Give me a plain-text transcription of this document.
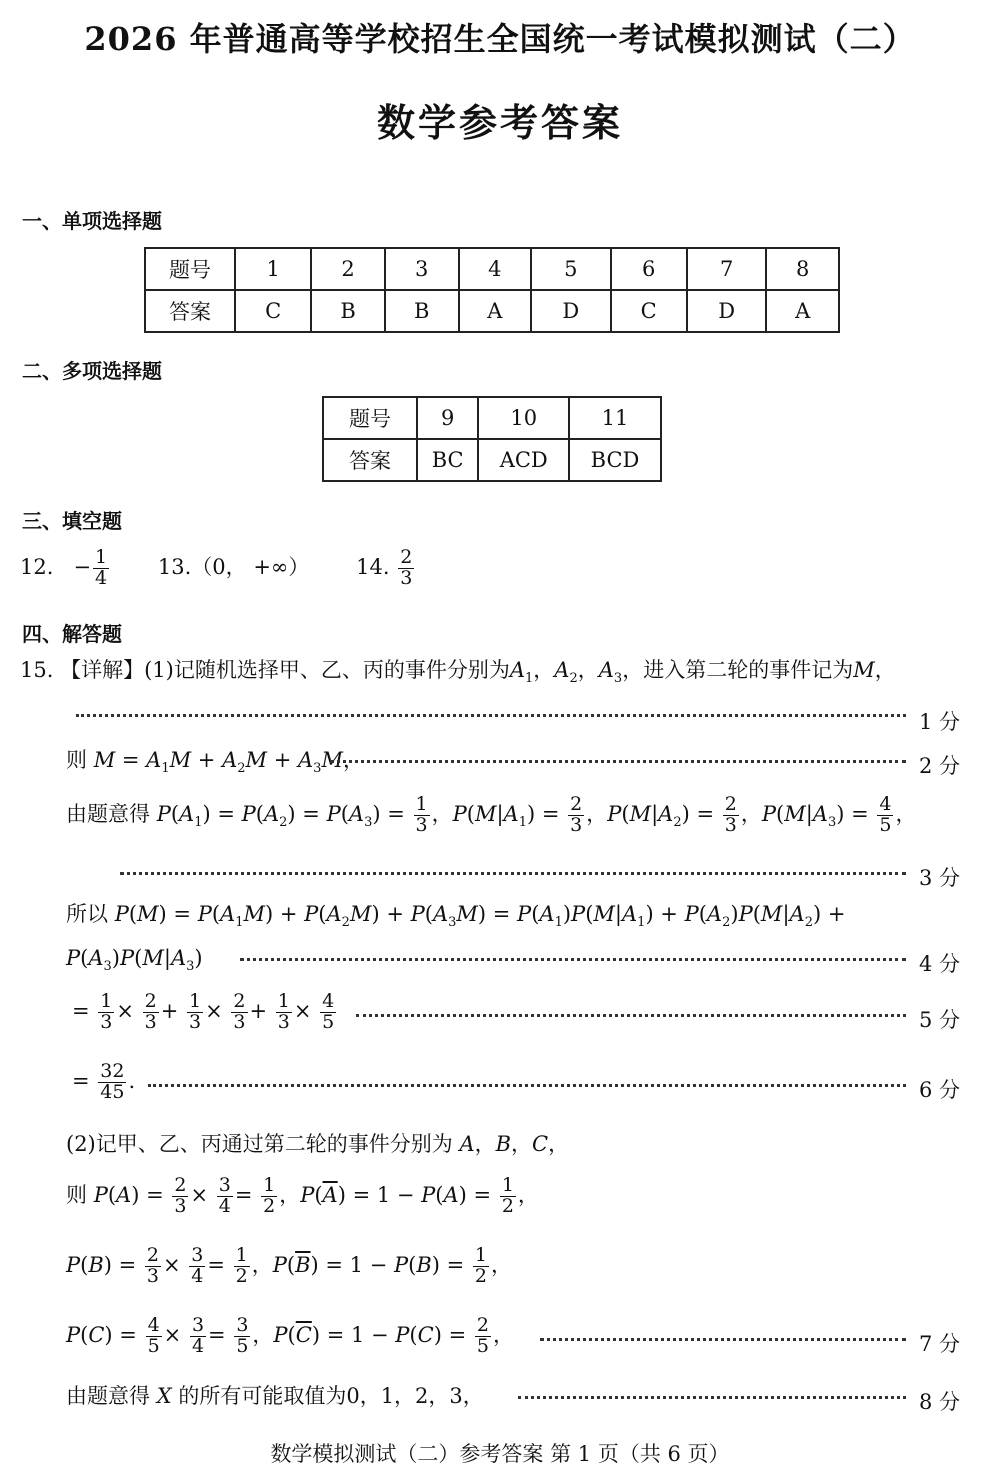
2026 年普通高等学校招生全国统一考试模拟测试（二）
数学参考答案
一、单项选择题
题号	1	2	3	4	5	6	7	8
答案	C	B	B	A	D	C	D	A
二、多项选择题
题号	9	10	11
答案	BC	ACD	BCD
三、填空题
12. − $\frac{1}{4} 13.(0$， +∞） 14. $\frac{2}{3}$
四、解答题
15. 【详解】(1)记随机选择甲、乙、丙的事件分别为$A_1$，$A_2$，$A_3$，进入第二轮的事件记为M，
1 分
则 $M = A_1M + A_2M + A_3M$，	2 分
由题意得 $P(A_1) = P(A_2) = P(A_3) = \frac{1}{3}$ ，$P(M|A_1) = \frac{2}{3}$ ，$P(M|A_2) = \frac{2}{3}$ ，$P(M|A_3) = \frac{4}{5}$ ，
3 分
所以 $P(M) = P(A_1M) + P(A_2M) + P(A_3M) = P(A_1)P(M|A_1) + P(A_2)P(M|A_2)$ +
$P(A_3)P(M|A_3)$	4 分
= $\frac{1}{3} \times \frac{2}{3} + \frac{1}{3} \times \frac{2}{3} + \frac{1}{3} \times \frac{4}{5}$	5 分
= $\frac{32}{45}$ .	6 分
(2)记甲、乙、丙通过第二轮的事件分别为 A，B，C，
则 $P(A) = \frac{2}{3} \times \frac{3}{4} = \frac{1}{2}$ ，$P(\overline{A}) = 1 - P(A) = \frac{1}{2}$ ，
$P(B) = \frac{2}{3} \times \frac{3}{4} = \frac{1}{2}$ ，$P(\overline{B}) = 1 - P(B) = \frac{1}{2}$ ，
$P(C) = \frac{4}{5} \times \frac{3}{4} = \frac{3}{5}$ ，$P(\overline{C}) = 1 - P(C) = \frac{2}{5}$ ，	7 分
由题意得 X 的所有可能取值为0，1，2，3，	8 分
数学模拟测试（二）参考答案 第 1 页（共 6 页）
